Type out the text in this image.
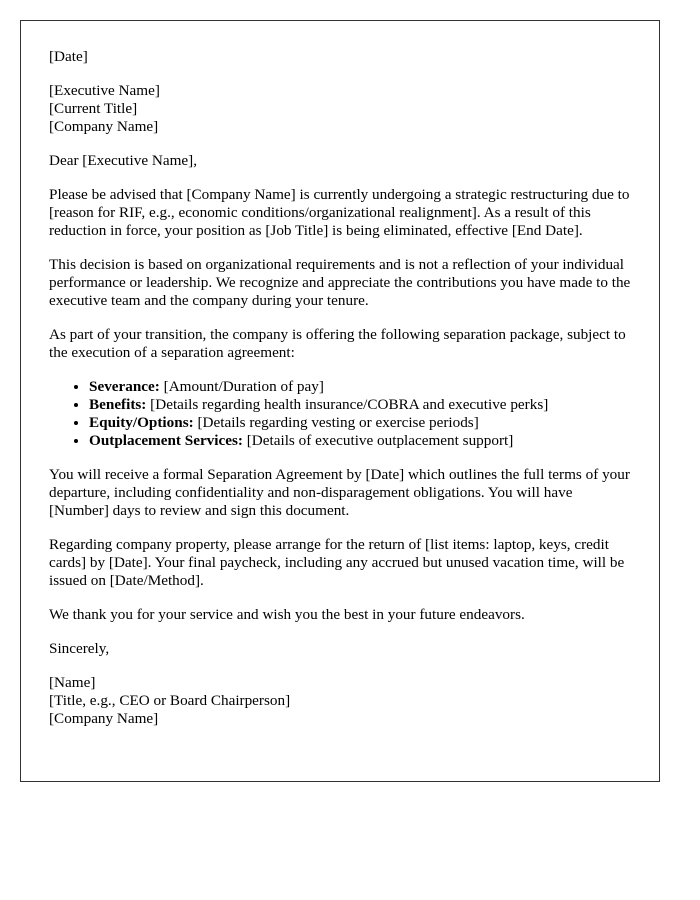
[Date]

[Executive Name]
[Current Title]
[Company Name]

Dear [Executive Name],

Please be advised that [Company Name] is currently undergoing a strategic restructuring due to [reason for RIF, e.g., economic conditions/organizational realignment]. As a result of this reduction in force, your position as [Job Title] is being eliminated, effective [End Date].

This decision is based on organizational requirements and is not a reflection of your individual performance or leadership. We recognize and appreciate the contributions you have made to the executive team and the company during your tenure.

As part of your transition, the company is offering the following separation package, subject to the execution of a separation agreement:

• Severance: [Amount/Duration of pay]
• Benefits: [Details regarding health insurance/COBRA and executive perks]
• Equity/Options: [Details regarding vesting or exercise periods]
• Outplacement Services: [Details of executive outplacement support]

You will receive a formal Separation Agreement by [Date] which outlines the full terms of your departure, including confidentiality and non-disparagement obligations. You will have [Number] days to review and sign this document.

Regarding company property, please arrange for the return of [list items: laptop, keys, credit cards] by [Date]. Your final paycheck, including any accrued but unused vacation time, will be issued on [Date/Method].

We thank you for your service and wish you the best in your future endeavors.

Sincerely,

[Name]
[Title, e.g., CEO or Board Chairperson]
[Company Name]
